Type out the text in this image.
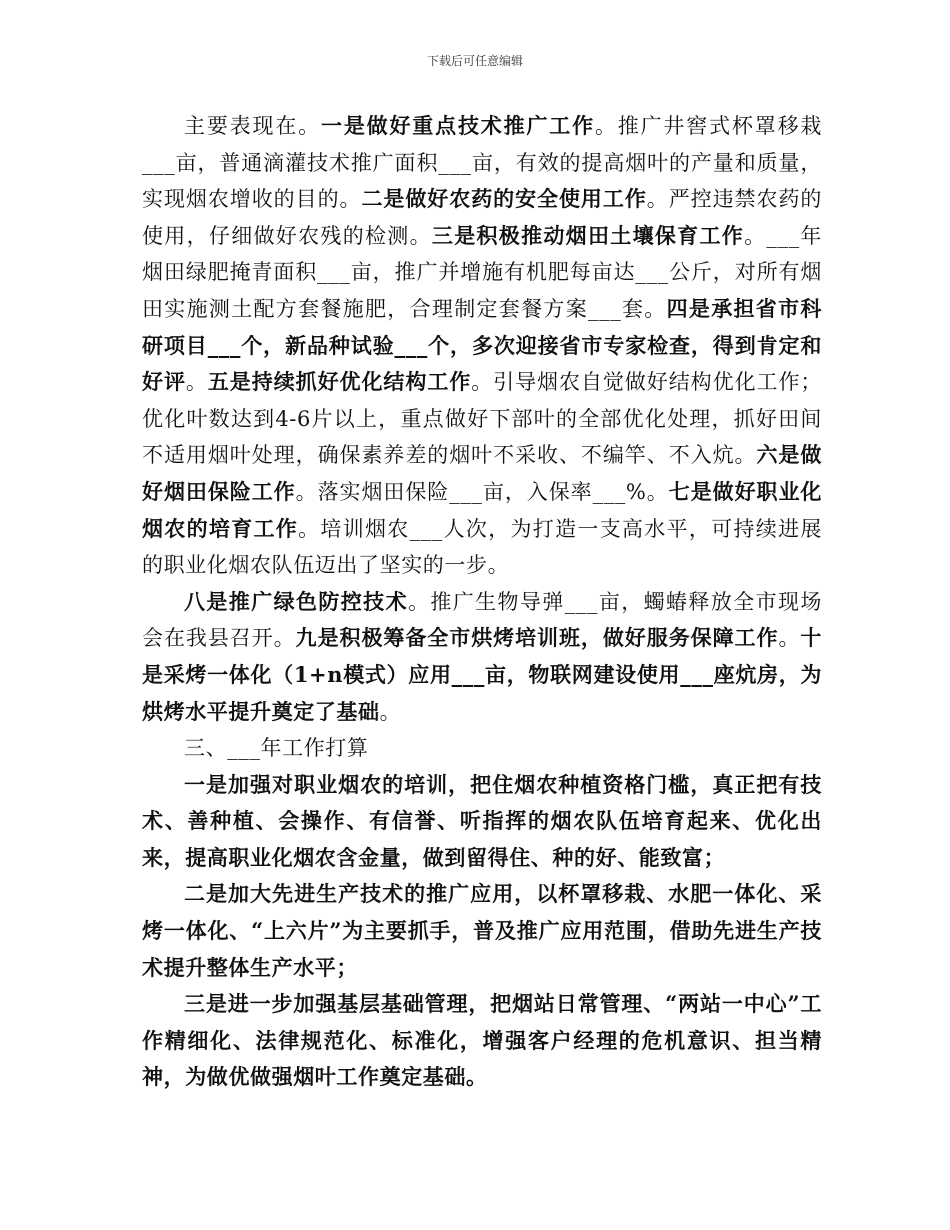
下载后可任意编辑

主要表现在。一是做好重点技术推广工作。推广井窖式杯罩移栽___亩，普通滴灌技术推广面积___亩，有效的提高烟叶的产量和质量，实现烟农增收的目的。二是做好农药的安全使用工作。严控违禁农药的使用，仔细做好农残的检测。三是积极推动烟田土壤保育工作。___年烟田绿肥掩青面积___亩，推广并增施有机肥每亩达___公斤，对所有烟田实施测土配方套餐施肥，合理制定套餐方案___套。四是承担省市科研项目___个，新品种试验___个，多次迎接省市专家检查，得到肯定和好评。五是持续抓好优化结构工作。引导烟农自觉做好结构优化工作；优化叶数达到4-6片以上，重点做好下部叶的全部优化处理，抓好田间不适用烟叶处理，确保素养差的烟叶不采收、不编竿、不入炕。六是做好烟田保险工作。落实烟田保险___亩，入保率___%。七是做好职业化烟农的培育工作。培训烟农___人次，为打造一支高水平，可持续进展的职业化烟农队伍迈出了坚实的一步。

八是推广绿色防控技术。推广生物导弹___亩，蠋蝽释放全市现场会在我县召开。九是积极筹备全市烘烤培训班，做好服务保障工作。十是采烤一体化（1+n模式）应用___亩，物联网建设使用___座炕房，为烘烤水平提升奠定了基础。

三、___年工作打算

一是加强对职业烟农的培训，把住烟农种植资格门槛，真正把有技术、善种植、会操作、有信誉、听指挥的烟农队伍培育起来、优化出来，提高职业化烟农含金量，做到留得住、种的好、能致富；

二是加大先进生产技术的推广应用，以杯罩移栽、水肥一体化、采烤一体化、“上六片”为主要抓手，普及推广应用范围，借助先进生产技术提升整体生产水平；

三是进一步加强基层基础管理，把烟站日常管理、“两站一中心”工作精细化、法律规范化、标准化，增强客户经理的危机意识、担当精神，为做优做强烟叶工作奠定基础。
